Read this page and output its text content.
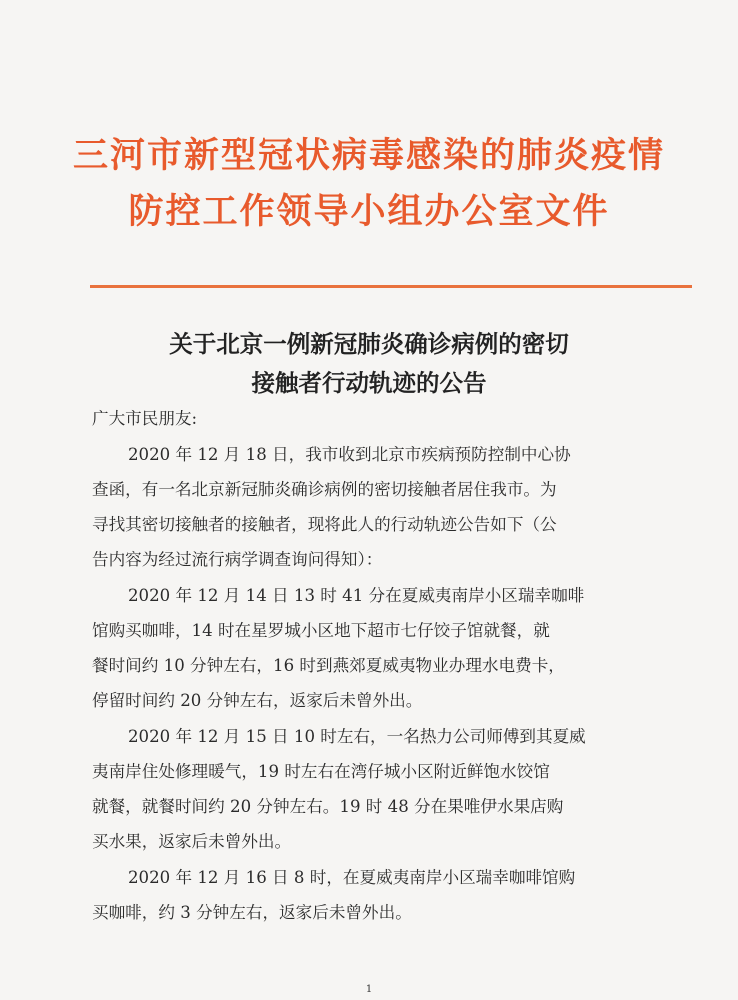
三河市新型冠状病毒感染的肺炎疫情
防控工作领导小组办公室文件
关于北京一例新冠肺炎确诊病例的密切
接触者行动轨迹的公告
广大市民朋友:
2020 年 12 月 18 日，我市收到北京市疾病预防控制中心协
查函，有一名北京新冠肺炎确诊病例的密切接触者居住我市。为
寻找其密切接触者的接触者，现将此人的行动轨迹公告如下（公
告内容为经过流行病学调查询问得知）：
2020 年 12 月 14 日 13 时 41 分在夏威夷南岸小区瑞幸咖啡
馆购买咖啡，14 时在星罗城小区地下超市七仔饺子馆就餐，就
餐时间约 10 分钟左右，16 时到燕郊夏威夷物业办理水电费卡，
停留时间约 20 分钟左右，返家后未曾外出。
2020 年 12 月 15 日 10 时左右，一名热力公司师傅到其夏威
夷南岸住处修理暖气，19 时左右在湾仔城小区附近鲜饱水饺馆
就餐，就餐时间约 20 分钟左右。19 时 48 分在果唯伊水果店购
买水果，返家后未曾外出。
2020 年 12 月 16 日 8 时，在夏威夷南岸小区瑞幸咖啡馆购
买咖啡，约 3 分钟左右，返家后未曾外出。
1
